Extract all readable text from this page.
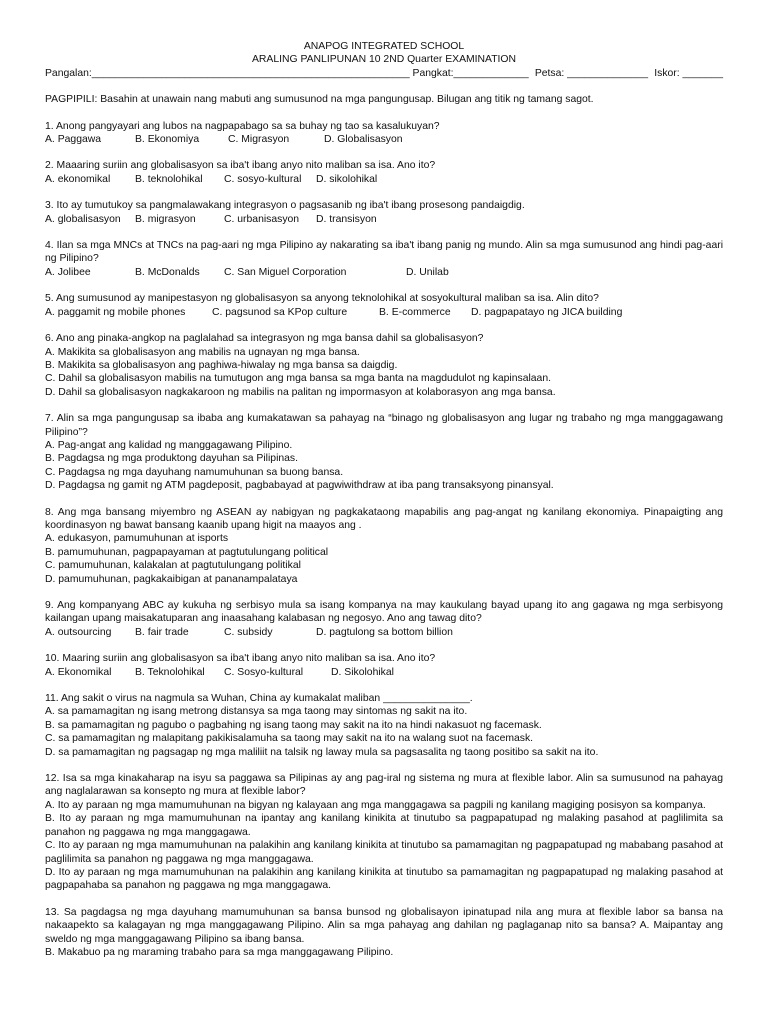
ANAPOG INTEGRATED SCHOOL
ARALING PANLIPUNAN 10 2ND Quarter EXAMINATION
Pangalan:_______________________________________________________ Pangkat:_____________ Petsa: ______________ Iskor: _______
PAGPIPILI: Basahin at unawain nang mabuti ang sumusunod na mga pangungusap. Bilugan ang titik ng tamang sagot.
1. Anong pangyayari ang lubos na nagpapabago sa sa buhay ng tao sa kasalukuyan?
A. Paggawa	B. Ekonomiya	C. Migrasyon	D. Globalisasyon
2. Maaaring suriin ang globalisasyon sa iba't ibang anyo nito maliban sa isa. Ano ito?
A. ekonomikal	B. teknolohikal	C. sosyo-kultural	D. sikolohikal
3. Ito ay tumutukoy sa pangmalawakang integrasyon o pagsasanib ng iba't ibang prosesong pandaigdig.
A. globalisasyon	B. migrasyon	C. urbanisasyon	D. transisyon
4. Ilan sa mga MNCs at TNCs na pag-aari ng mga Pilipino ay nakarating sa iba't ibang panig ng mundo. Alin sa mga sumusunod ang hindi pag-aari ng Pilipino?
A. Jolibee	B. McDonalds	C. San Miguel Corporation	D. Unilab
5. Ang sumusunod ay manipestasyon ng globalisasyon sa anyong teknolohikal at sosyokultural maliban sa isa. Alin dito?
A. paggamit ng mobile phones	C. pagsunod sa KPop culture	B. E-commerce	D. pagpapatayo ng JICA building
6. Ano ang pinaka-angkop na paglalahad sa integrasyon ng mga bansa dahil sa globalisasyon?
A. Makikita sa globalisasyon ang mabilis na ugnayan ng mga bansa.
B. Makikita sa globalisasyon ang paghiwa-hiwalay ng mga bansa sa daigdig.
C. Dahil sa globalisasyon mabilis na tumutugon ang mga bansa sa mga banta na magdudulot ng kapinsalaan.
D. Dahil sa globalisasyon nagkakaroon ng mabilis na palitan ng impormasyon at kolaborasyon ang mga bansa.
7. Alin sa mga pangungusap sa ibaba ang kumakatawan sa pahayag na “binago ng globalisasyon ang lugar ng trabaho ng mga manggagawang Pilipino”?
A. Pag-angat ang kalidad ng manggagawang Pilipino.
B. Pagdagsa ng mga produktong dayuhan sa Pilipinas.
C. Pagdagsa ng mga dayuhang namumuhunan sa buong bansa.
D. Pagdagsa ng gamit ng ATM pagdeposit, pagbabayad at pagwiwithdraw at iba pang transaksyong pinansyal.
8. Ang mga bansang miyembro ng ASEAN ay nabigyan ng pagkakataong mapabilis ang pag-angat ng kanilang ekonomiya. Pinapaigting ang koordinasyon ng bawat bansang kaanib upang higit na maayos ang .
A. edukasyon, pamumuhunan at isports
B. pamumuhunan, pagpapayaman at pagtutulungang political
C. pamumuhunan, kalakalan at pagtutulungang politikal
D. pamumuhunan, pagkakaibigan at pananampalataya
9. Ang kompanyang ABC ay kukuha ng serbisyo mula sa isang kompanya na may kaukulang bayad upang ito ang gagawa ng mga serbisyong kailangan upang maisakatuparan ang inaasahang kalabasan ng negosyo. Ano ang tawag dito?
A. outsourcing	B. fair trade	C. subsidy	D. pagtulong sa bottom billion
10. Maaring suriin ang globalisasyon sa iba't ibang anyo nito maliban sa isa. Ano ito?
A. Ekonomikal	B. Teknolohikal	C. Sosyo-kultural	D. Sikolohikal
11. Ang sakit o virus na nagmula sa Wuhan, China ay kumakalat maliban _______________.
A. sa pamamagitan ng isang metrong distansya sa mga taong may sintomas ng sakit na ito.
B. sa pamamagitan ng pagubo o pagbahing ng isang taong may sakit na ito na hindi nakasuot ng facemask.
C. sa pamamagitan ng malapitang pakikisalamuha sa taong may sakit na ito na walang suot na facemask.
D. sa pamamagitan ng pagsagap ng mga maliliit na talsik ng laway mula sa pagsasalita ng taong positibo sa sakit na ito.
12. Isa sa mga kinakaharap na isyu sa paggawa sa Pilipinas ay ang pag-iral ng sistema ng mura at flexible labor. Alin sa sumusunod na pahayag ang naglalarawan sa konsepto ng mura at flexible labor?
A. Ito ay paraan ng mga mamumuhunan na bigyan ng kalayaan ang mga manggagawa sa pagpili ng kanilang magiging posisyon sa kompanya.
B. Ito ay paraan ng mga mamumuhunan na ipantay ang kanilang kinikita at tinutubo sa pagpapatupad ng malaking pasahod at paglilimita sa panahon ng paggawa ng mga manggagawa.
C. Ito ay paraan ng mga mamumuhunan na palakihin ang kanilang kinikita at tinutubo sa pamamagitan ng pagpapatupad ng mababang pasahod at paglilimita sa panahon ng paggawa ng mga manggagawa.
D. Ito ay paraan ng mga mamumuhunan na palakihin ang kanilang kinikita at tinutubo sa pamamagitan ng pagpapatupad ng malaking pasahod at pagpapahaba sa panahon ng paggawa ng mga manggagawa.
13. Sa pagdagsa ng mga dayuhang mamumuhunan sa bansa bunsod ng globalisayon ipinatupad nila ang mura at flexible labor sa bansa na nakaapekto sa kalagayan ng mga manggagawang Pilipino. Alin sa mga pahayag ang dahilan ng paglaganap nito sa bansa? A. Maipantay ang sweldo ng mga manggagawang Pilipino sa ibang bansa.
B. Makabuo pa ng maraming trabaho para sa mga manggagawang Pilipino.
